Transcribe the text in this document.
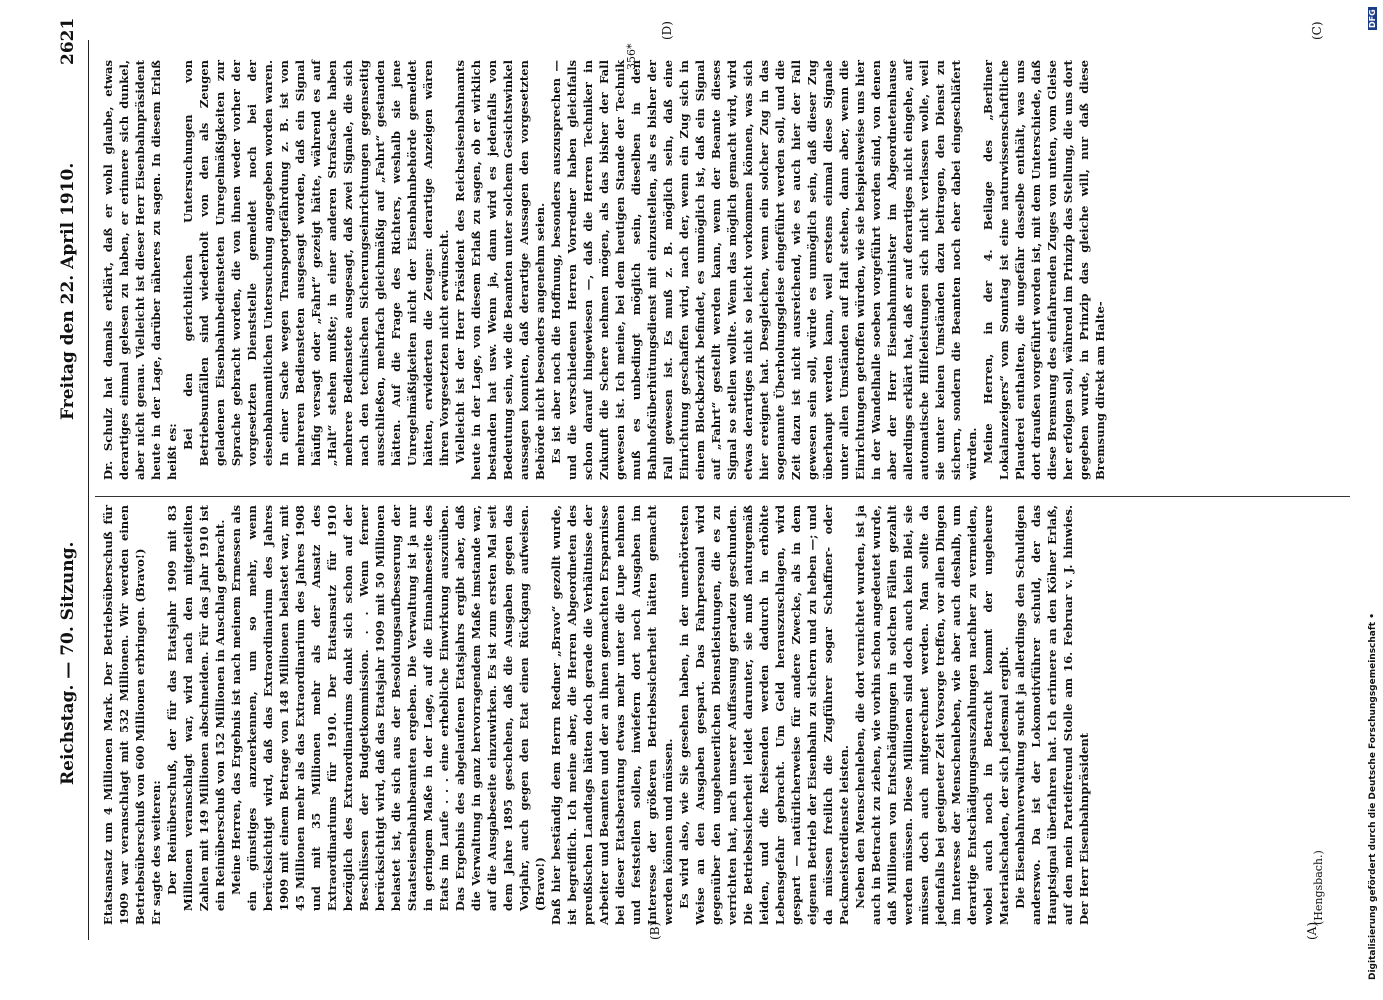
Reichstag. — 70. Sitzung.
Freitag den 22. April 1910.
2621

Etatsansatz um 4 Millionen Mark. Der Betriebsüberschuß für 1909 war veranschlagt mit 532 Millionen. Wir werden einen Betriebsüberschuß von 600 Millionen erbringen. (Bravo!) Er sagte des weiteren: Der Reinüberschuß, der für das Etatsjahr 1909 mit 83 Millionen veranschlagt war, wird nach den mitgeteilten Zahlen mit 149 Millionen abschneiden. Für das Jahr 1910 ist ein Reinüberschuß von 152 Millionen in Anschlag gebracht. Meine Herren, das Ergebnis ist nach meinem Ermessen als ein günstiges anzuerkennen, um so mehr, wenn berücksichtigt wird, daß das Extraordinarium des Jahres 1909 mit einem Betrage von 148 Millionen belastet war, mit 45 Millionen mehr als das Extraordinarium des Jahres 1908 und mit 35 Millionen mehr als der Ansatz des Extraordinariums für 1910. Der Etatsansatz für 1910 bezüglich des Extraordinariums dankt sich schon auf der Beschlüssen der Budgetkommission. . . Wenn ferner berücksichtigt wird, daß das Etatsjahr 1909 mit 50 Millionen belastet ist, die sich aus der Besoldungsaufbesserung der Staatseisenbahnbeamten ergeben. Die Verwaltung ist ja nur in geringem Maße in der Lage, auf die Einnahmeseite des Etats im Laufe . . . eine erhebliche Einwirkung auszuüben. Das Ergebnis des abgelaufenen Etatsjahrs ergibt aber, daß die Verwaltung in ganz hervorragendem Maße imstande war, auf die Ausgabeseite einzuwirken. Es ist zum ersten Mal seit dem Jahre 1895 geschehen, daß die Ausgaben gegen das Vorjahr, auch gegen den Etat einen Rückgang aufweisen. (Bravo!) Daß hier beständig dem Herrn Redner „Bravo“ gezollt wurde, ist begreiflich. Ich meine aber, die Herren Abgeordneten des preußischen Landtags hätten doch gerade die Verhältnisse der Arbeiter und Beamten und der an ihnen gemachten Ersparnisse bei dieser Etatsberatung etwas mehr unter die Lupe nehmen und feststellen sollen, inwiefern dort noch Ausgaben im Interesse der größeren Betriebssicherheit hätten gemacht werden können und müssen. Es wird also, wie Sie gesehen haben, in der unerhörtesten Weise an den Ausgaben gespart. Das Fahrpersonal wird gegenüber den ungeheuerlichen Dienstleistungen, die es zu verrichten hat, nach unserer Auffassung geradezu geschunden. Die Betriebssicherheit leidet darunter, sie muß naturgemäß leiden, und die Reisenden werden dadurch in erhöhte Lebensgefahr gebracht. Um Geld herauszuschlagen, wird gespart — natürlicherweise für andere Zwecke, als in dem eigenen Betrieb der Eisenbahn zu sichern und zu heben —; und da müssen freilich die Zugführer sogar Schaffner- oder Packmeisterdienste leisten. Neben den Menschenleben, die dort vernichtet wurden, ist ja auch in Betracht zu ziehen, wie vorhin schon angedeutet wurde, daß Millionen von Entschädigungen in solchen Fällen gezahlt werden müssen. Diese Millionen sind doch auch kein Blei, sie müssen doch auch mitgerechnet werden. Man sollte da jedenfalls bei geeigneter Zeit Vorsorge treffen, vor allen Dingen im Interesse der Menschenleben, wie aber auch deshalb, um derartige Entschädigungsauszahlungen nachher zu vermeiden, wobei auch noch in Betracht kommt der ungeheure Materialschaden, der sich jedesmal ergibt. Die Eisenbahnverwaltung sucht ja allerdings den Schuldigen anderswo. Da ist der Lokomotivführer schuld, der das Hauptsignal überfahren hat. Ich erinnere an den Kölner Erlaß, auf den mein Parteifreund Stolle am 16. Februar v. J. hinwies. Der Herr Eisenbahnpräsident

Dr. Schulz hat damals erklärt, daß er wohl glaube, etwas derartiges einmal gelesen zu haben, er erinnere sich dunkel, aber nicht genau. Vielleicht ist dieser Herr Eisenbahnpräsident heute in der Lage, darüber näheres zu sagen. In diesem Erlaß heißt es:

Bei den gerichtlichen Untersuchungen von Betriebsunfällen sind wiederholt von den als Zeugen geladenen Eisenbahnbediensteten Unregelmäßigkeiten zur Sprache gebracht worden, die von ihnen weder vorher der vorgesetzten Dienststelle gemeldet noch bei der eisenbahnamtlichen Untersuchung angegeben worden waren. In einer Sache wegen Transportgefährdung z. B. ist von mehreren Bediensteten ausgesagt worden, daß ein Signal häufig versagt oder „Fahrt“ gezeigt hätte, während es auf „Halt“ stehen mußte; in einer anderen Strafsache haben mehrere Bedienstete ausgesagt, daß zwei Signale, die sich nach den technischen Sicherungseinrichtungen gegenseitig ausschließen, mehrfach gleichmäßig auf „Fahrt“ gestanden hätten. Auf die Frage des Richters, weshalb sie jene Unregelmäßigkeiten nicht der Eisenbahnbehörde gemeldet hätten, erwiderten die Zeugen: derartige Anzeigen wären ihren Vorgesetzten nicht erwünscht. Vielleicht ist der Herr Präsident des Reichseisenbahnamts heute in der Lage, von diesem Erlaß zu sagen, ob er wirklich bestanden hat usw. Wenn ja, dann wird es jedenfalls von Bedeutung sein, wie die Beamten unter solchem Gesichtswinkel aussagen konnten, daß derartige Aussagen den vorgesetzten Behörde nicht besonders angenehm seien. Es ist aber noch die Hoffnung, besonders auszusprechen — und die verschiedenen Herren Vorredner haben gleichfalls schon darauf hingewiesen —, daß die Herren Techniker in Zukunft die Schere nehmen mögen, als das bisher der Fall gewesen ist. Ich meine, bei dem heutigen Stande der Technik muß es unbedingt möglich sein, dieselben in den Bahnhofsüberhütungsdienst mit einzustellen, als es bisher der Fall gewesen ist. Es muß z. B. möglich sein, daß eine Einrichtung geschaffen wird, nach der, wenn ein Zug sich in einem Blockbezirk befindet, es unmöglich ist, daß ein Signal auf „Fahrt“ gestellt werden kann, wenn der Beamte dieses Signal so stellen wollte. Wenn das möglich gemacht wird, wird etwas derartiges nicht so leicht vorkommen können, was sich hier ereignet hat. Desgleichen, wenn ein solcher Zug in das sogenannte Überholungsgleise eingeführt werden soll, und die Zeit dazu ist nicht ausreichend, wie es auch hier der Fall gewesen sein soll, würde es unmöglich sein, daß dieser Zug überhaupt werden kann, weil erstens einmal diese Signale unter allen Umständen auf Halt stehen, dann aber, wenn die Einrichtungen getroffen würden, wie sie beispielsweise uns hier in der Wandelhalle soeben vorgeführt worden sind, von denen aber der Herr Eisenbahnminister im Abgeordnetenhause allerdings erklärt hat, daß er auf derartiges nicht eingehe, auf automatische Hilfeleistungen sich nicht verlassen wolle, weil sie unter keinen Umständen dazu beitragen, den Dienst zu sichern, sondern die Beamten noch eher dabei eingeschläfert würden. Meine Herren, in der 4. Beilage des „Berliner Lokalanzeigers“ vom Sonntag ist eine naturwissenschaftliche Plauderei enthalten, die ungefähr dasselbe enthält, was uns dort draußen vorgeführt worden ist, mit dem Unterschiede, daß diese Bremsung des einfahrenden Zuges von unten, vom Gleise her erfolgen soll, während im Prinzip das Stellung, die uns dort gegeben wurde, in Prinzip das gleiche will, nur daß diese Bremsung direkt am Halte-

(A)
(B)
(C)
(D)
(Hengsbach.)
356*
Digitalisierung gefördert durch die Deutsche Forschungsgemeinschaft •
DFG
